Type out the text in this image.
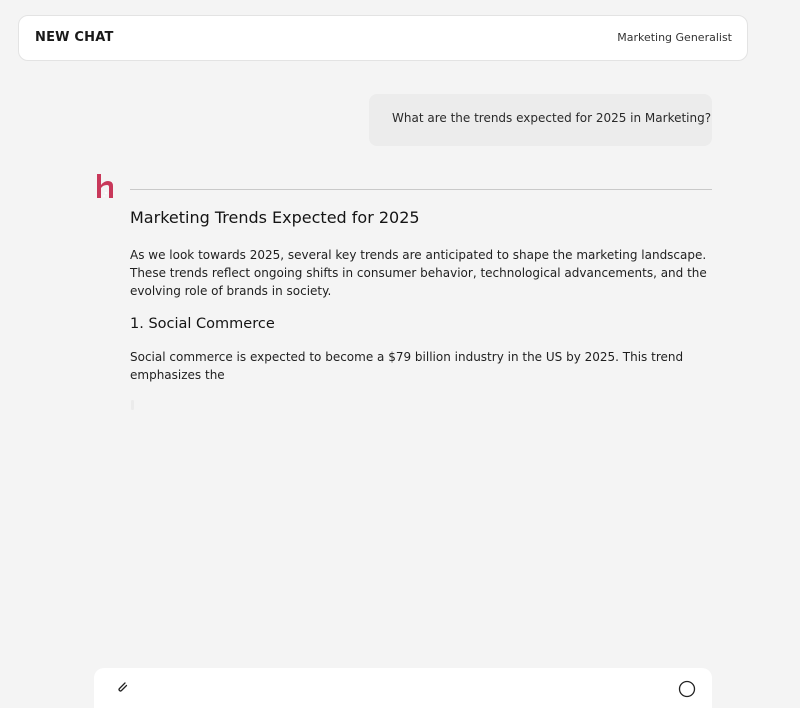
NEW CHAT	Marketing Generalist
What are the trends expected for 2025 in Marketing?
Marketing Trends Expected for 2025

As we look towards 2025, several key trends are anticipated to shape the marketing landscape. These trends reflect ongoing shifts in consumer behavior, technological advancements, and the evolving role of brands in society.

1. Social Commerce

Social commerce is expected to become a $79 billion industry in the US by 2025. This trend emphasizes the
